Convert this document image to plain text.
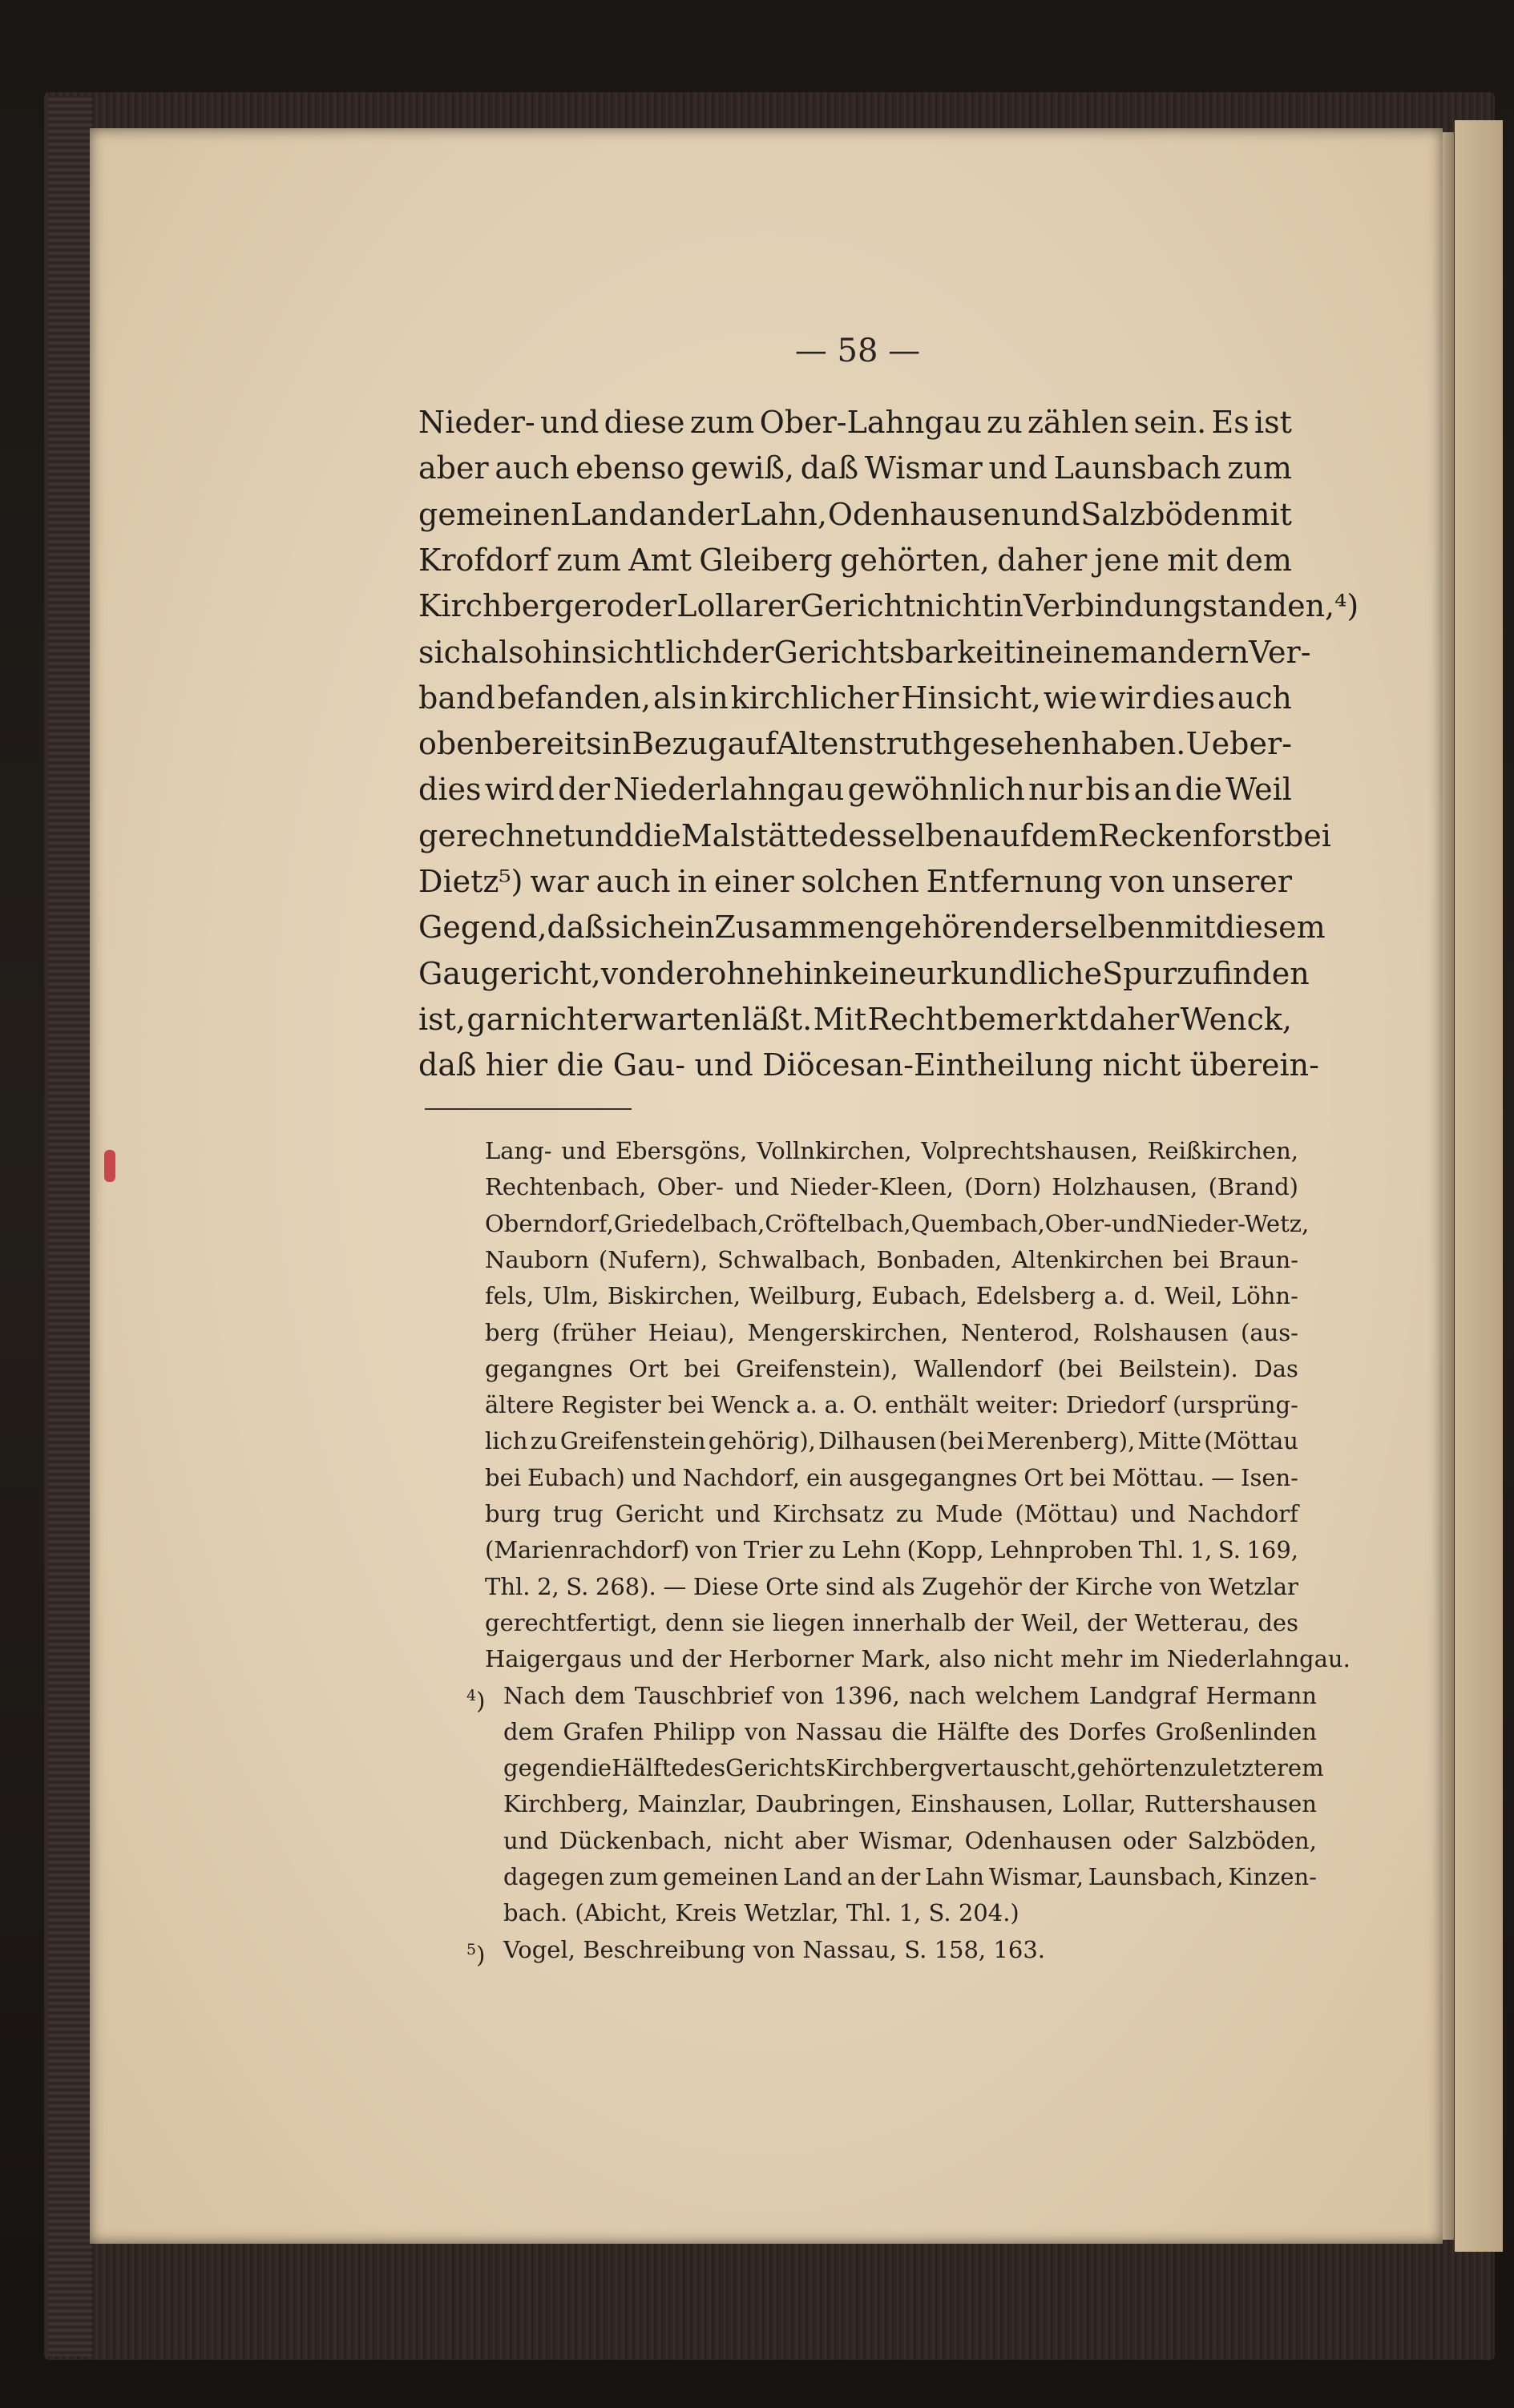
— 58 —
Nieder- und diese zum Ober-Lahngau zu zählen sein. Es ist
aber auch ebenso gewiß, daß Wismar und Launsbach zum
gemeinen Land an der Lahn, Odenhausen und Salzböden mit
Krofdorf zum Amt Gleiberg gehörten, daher jene mit dem
Kirchberger oder Lollarer Gericht nicht in Verbindung standen,⁴)
sich also hinsichtlich der Gerichtsbarkeit in einem andern Ver-
band befanden, als in kirchlicher Hinsicht, wie wir dies auch
oben bereits in Bezug auf Altenstruth gesehen haben. Ueber-
dies wird der Niederlahngau gewöhnlich nur bis an die Weil
gerechnet und die Malstätte desselben auf dem Reckenforst bei
Dietz⁵) war auch in einer solchen Entfernung von unserer
Gegend, daß sich ein Zusammengehören derselben mit diesem
Gaugericht, von der ohnehin keine urkundliche Spur zu finden
ist, gar nicht erwarten läßt. Mit Recht bemerkt daher Wenck,
daß hier die Gau- und Diöcesan-Eintheilung nicht überein-
Lang- und Ebersgöns, Vollnkirchen, Volprechtshausen, Reißkirchen,
Rechtenbach, Ober- und Nieder-Kleen, (Dorn) Holzhausen, (Brand)
Oberndorf, Griedelbach, Cröftelbach, Quembach, Ober- und Nieder-Wetz,
Nauborn (Nufern), Schwalbach, Bonbaden, Altenkirchen bei Braun-
fels, Ulm, Biskirchen, Weilburg, Eubach, Edelsberg a. d. Weil, Löhn-
berg (früher Heiau), Mengerskirchen, Nenterod, Rolshausen (aus-
gegangnes Ort bei Greifenstein), Wallendorf (bei Beilstein). Das
ältere Register bei Wenck a. a. O. enthält weiter: Driedorf (ursprüng-
lich zu Greifenstein gehörig), Dilhausen (bei Merenberg), Mitte (Möttau
bei Eubach) und Nachdorf, ein ausgegangnes Ort bei Möttau. — Isen-
burg trug Gericht und Kirchsatz zu Mude (Möttau) und Nachdorf
(Marienrachdorf) von Trier zu Lehn (Kopp, Lehnproben Thl. 1, S. 169,
Thl. 2, S. 268). — Diese Orte sind als Zugehör der Kirche von Wetzlar
gerechtfertigt, denn sie liegen innerhalb der Weil, der Wetterau, des
Haigergaus und der Herborner Mark, also nicht mehr im Niederlahngau.
$^4$) Nach dem Tauschbrief von 1396, nach welchem Landgraf Hermann
dem Grafen Philipp von Nassau die Hälfte des Dorfes Großenlinden
gegen die Hälfte des Gerichts Kirchberg vertauscht, gehörten zu letzterem
Kirchberg, Mainzlar, Daubringen, Einshausen, Lollar, Ruttershausen
und Dückenbach, nicht aber Wismar, Odenhausen oder Salzböden,
dagegen zum gemeinen Land an der Lahn Wismar, Launsbach, Kinzen-
bach. (Abicht, Kreis Wetzlar, Thl. 1, S. 204.)
$^5$) Vogel, Beschreibung von Nassau, S. 158, 163.
